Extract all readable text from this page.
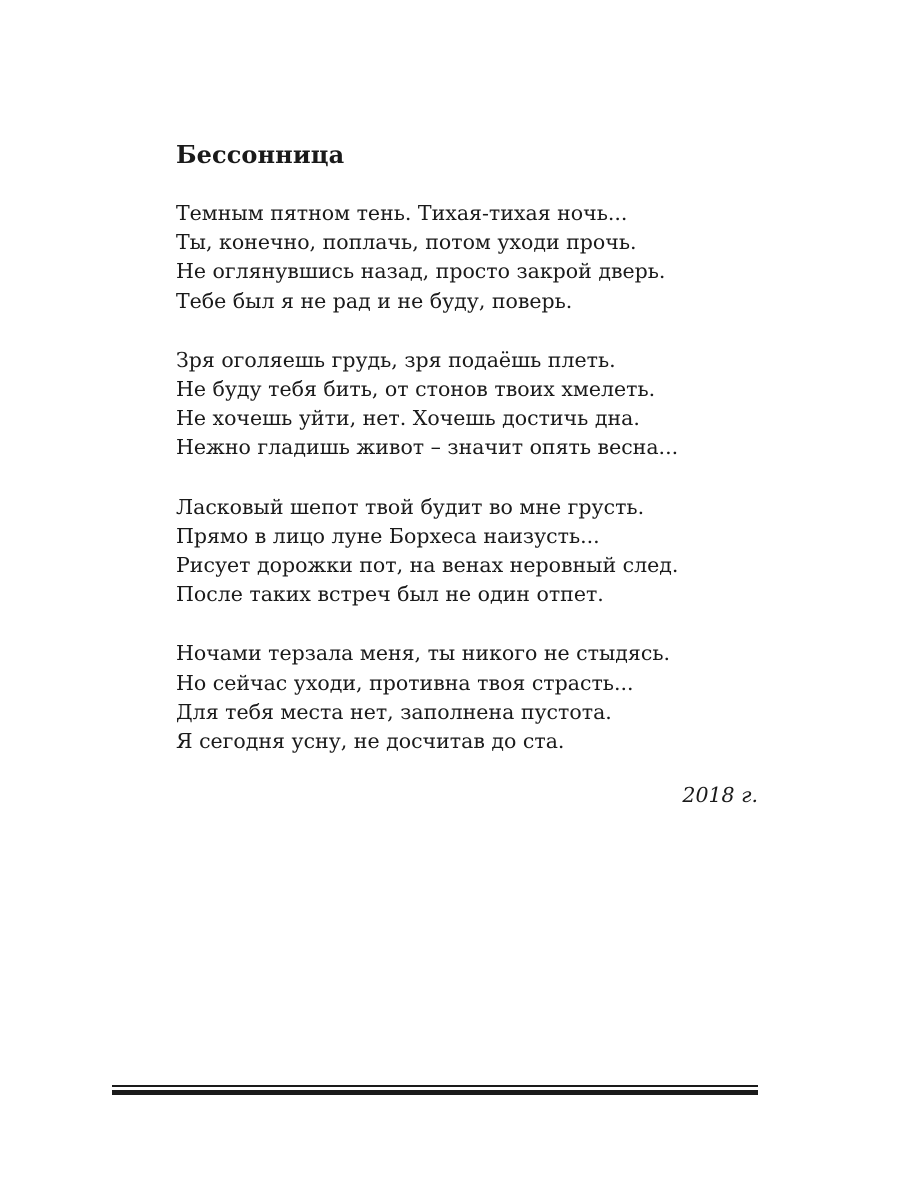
Бессонница
Темным пятном тень. Тихая-тихая ночь...
Ты, конечно, поплачь, потом уходи прочь.
Не оглянувшись назад, просто закрой дверь.
Тебе был я не рад и не буду, поверь.
Зря оголяешь грудь, зря подаёшь плеть.
Не буду тебя бить, от стонов твоих хмелеть.
Не хочешь уйти, нет. Хочешь достичь дна.
Нежно гладишь живот – значит опять весна...
Ласковый шепот твой будит во мне грусть.
Прямо в лицо луне Борхеса наизусть...
Рисует дорожки пот, на венах неровный след.
После таких встреч был не один отпет.
Ночами терзала меня, ты никого не стыдясь.
Но сейчас уходи, противна твоя страсть...
Для тебя места нет, заполнена пустота.
Я сегодня усну, не досчитав до ста.
2018 г.
